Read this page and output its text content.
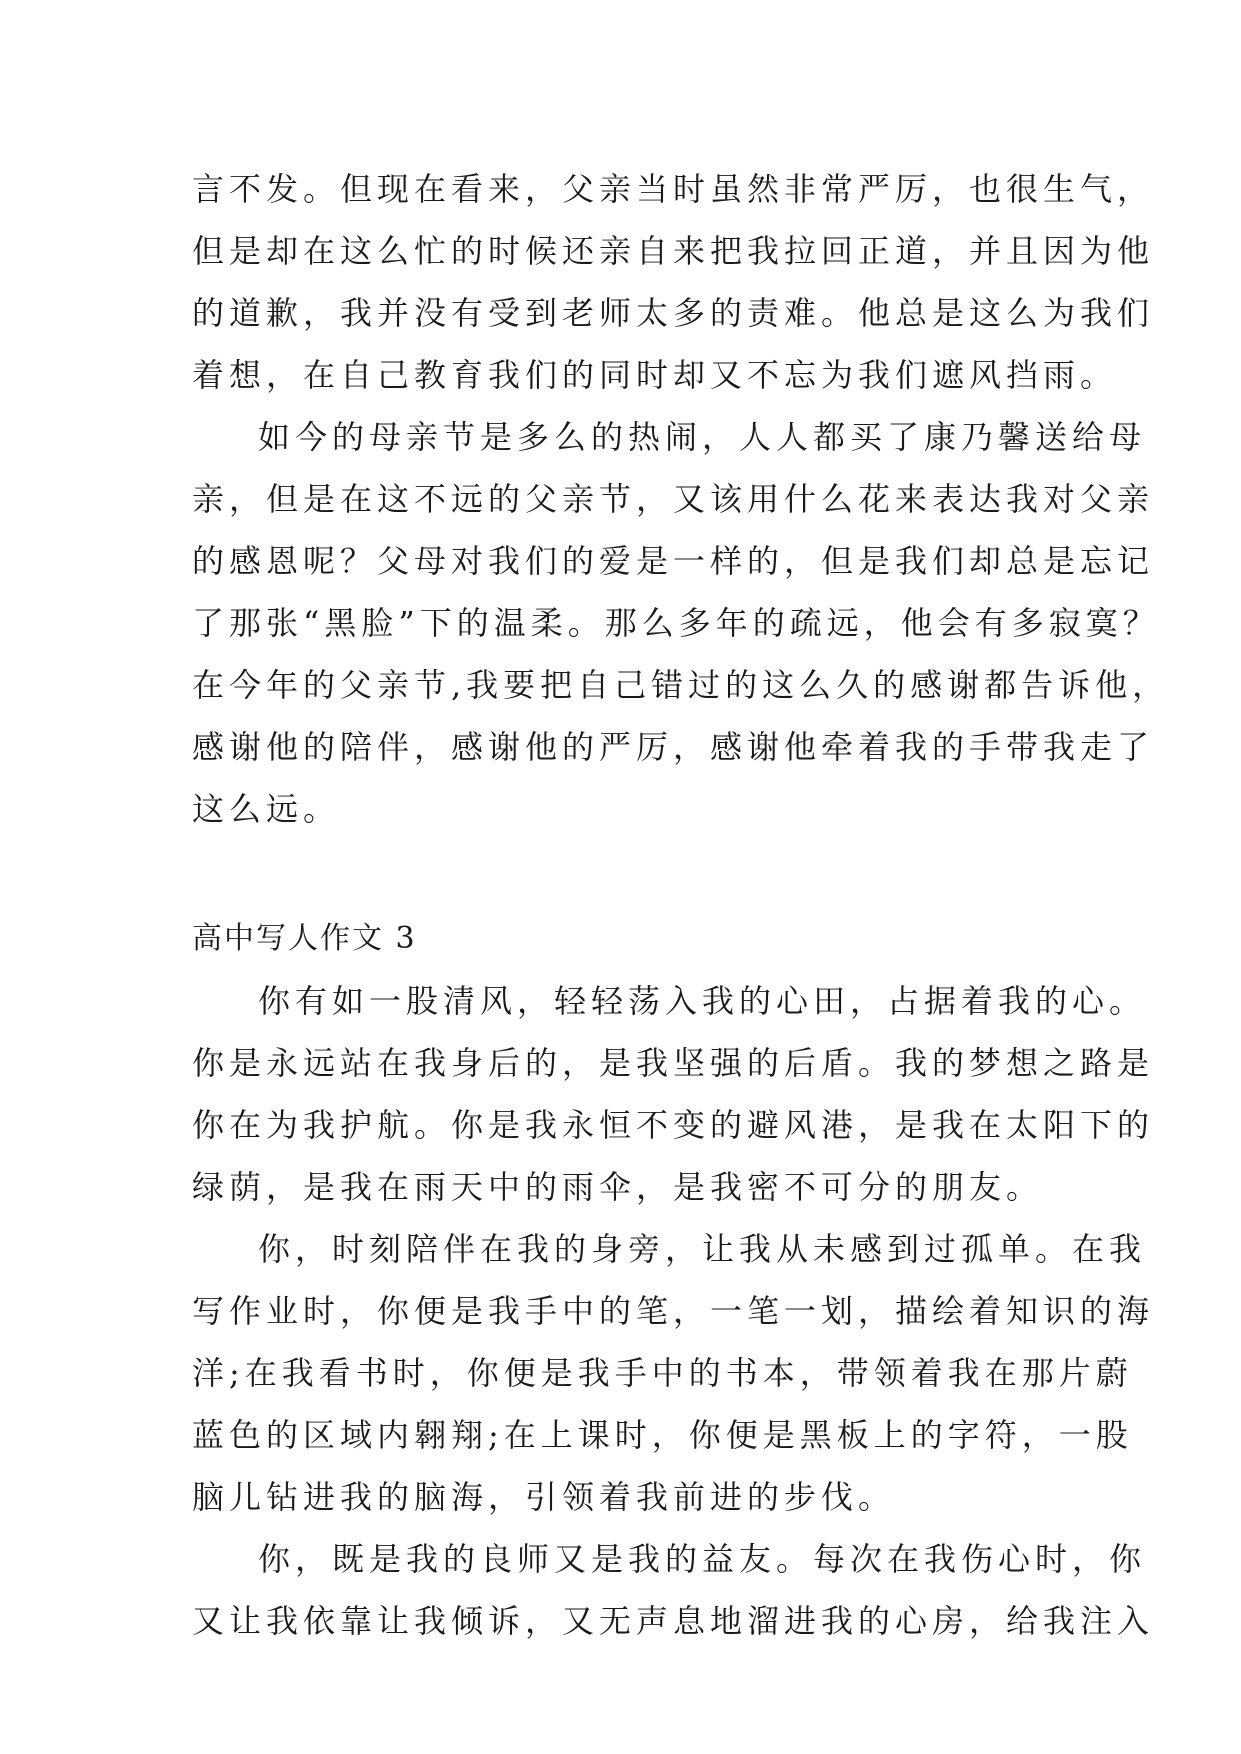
言不发。但现在看来，父亲当时虽然非常严厉，也很生气，
但是却在这么忙的时候还亲自来把我拉回正道，并且因为他
的道歉，我并没有受到老师太多的责难。他总是这么为我们
着想，在自己教育我们的同时却又不忘为我们遮风挡雨。
如今的母亲节是多么的热闹，人人都买了康乃馨送给母
亲，但是在这不远的父亲节，又该用什么花来表达我对父亲
的感恩呢？父母对我们的爱是一样的，但是我们却总是忘记
了那张“黑脸”下的温柔。那么多年的疏远，他会有多寂寞？
在今年的父亲节,我要把自己错过的这么久的感谢都告诉他，
感谢他的陪伴，感谢他的严厉，感谢他牵着我的手带我走了
这么远。
高中写人作文 3
你有如一股清风，轻轻荡入我的心田，占据着我的心。
你是永远站在我身后的，是我坚强的后盾。我的梦想之路是
你在为我护航。你是我永恒不变的避风港，是我在太阳下的
绿荫，是我在雨天中的雨伞，是我密不可分的朋友。
你，时刻陪伴在我的身旁，让我从未感到过孤单。在我
写作业时，你便是我手中的笔，一笔一划，描绘着知识的海
洋;在我看书时，你便是我手中的书本，带领着我在那片蔚
蓝色的区域内翱翔;在上课时，你便是黑板上的字符，一股
脑儿钻进我的脑海，引领着我前进的步伐。
你，既是我的良师又是我的益友。每次在我伤心时，你
又让我依靠让我倾诉，又无声息地溜进我的心房，给我注入
